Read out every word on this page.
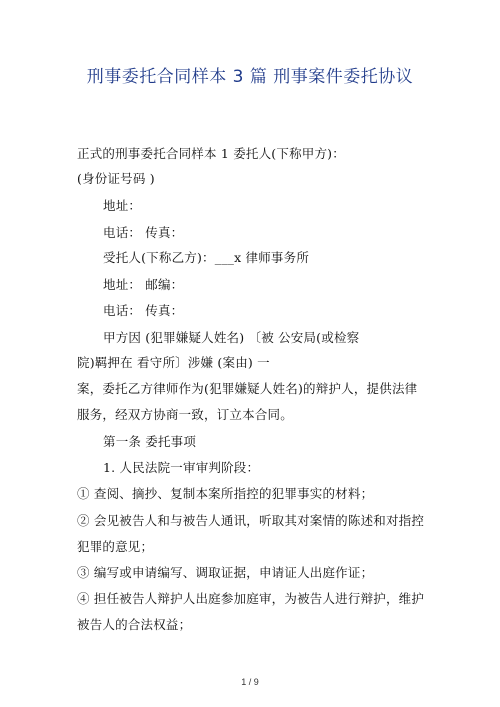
刑事委托合同样本 3 篇 刑事案件委托协议
正式的刑事委托合同样本 1 委托人(下称甲方)：
(身份证号码 )
地址：
电话： 传真：
受托人(下称乙方)：___x 律师事务所
地址： 邮编：
电话： 传真：
甲方因 (犯罪嫌疑人姓名) 〔被 公安局(或检察
院)羁押在 看守所〕涉嫌 (案由) 一
案，委托乙方律师作为(犯罪嫌疑人姓名)的辩护人，提供法律
服务，经双方协商一致，订立本合同。
第一条 委托事项
1. 人民法院一审审判阶段：
① 查阅、摘抄、复制本案所指控的犯罪事实的材料；
② 会见被告人和与被告人通讯，听取其对案情的陈述和对指控
犯罪的意见；
③ 编写或申请编写、调取证据，申请证人出庭作证；
④ 担任被告人辩护人出庭参加庭审，为被告人进行辩护，维护
被告人的合法权益；
1 / 9
